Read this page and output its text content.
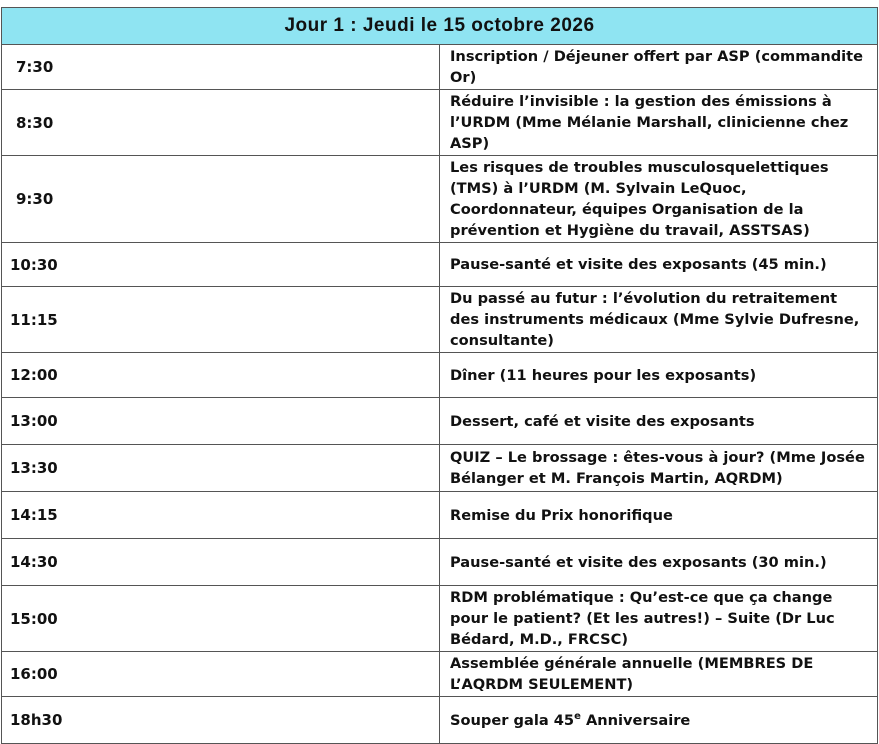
Jour 1 : Jeudi le 15 octobre 2026	
7:30	Inscription / Déjeuner offert par ASP (commandite Or)
8:30	Réduire l’invisible : la gestion des émissions à l’URDM (Mme Mélanie Marshall, clinicienne chez ASP)
9:30	Les risques de troubles musculosquelettiques (TMS) à l’URDM (M. Sylvain LeQuoc, Coordonnateur, équipes Organisation de la prévention et Hygiène du travail, ASSTSAS)
10:30	Pause-santé et visite des exposants (45 min.)
11:15	Du passé au futur : l’évolution du retraitement des instruments médicaux (Mme Sylvie Dufresne, consultante)
12:00	Dîner (11 heures pour les exposants)
13:00	Dessert, café et visite des exposants
13:30	QUIZ – Le brossage : êtes-vous à jour? (Mme Josée Bélanger et M. François Martin, AQRDM)
14:15	Remise du Prix honorifique
14:30	Pause-santé et visite des exposants (30 min.)
15:00	RDM problématique : Qu’est-ce que ça change pour le patient? (Et les autres!) – Suite (Dr Luc Bédard, M.D., FRCSC)
16:00	Assemblée générale annuelle (MEMBRES DE L’AQRDM SEULEMENT)
18h30	Souper gala 45e Anniversaire
